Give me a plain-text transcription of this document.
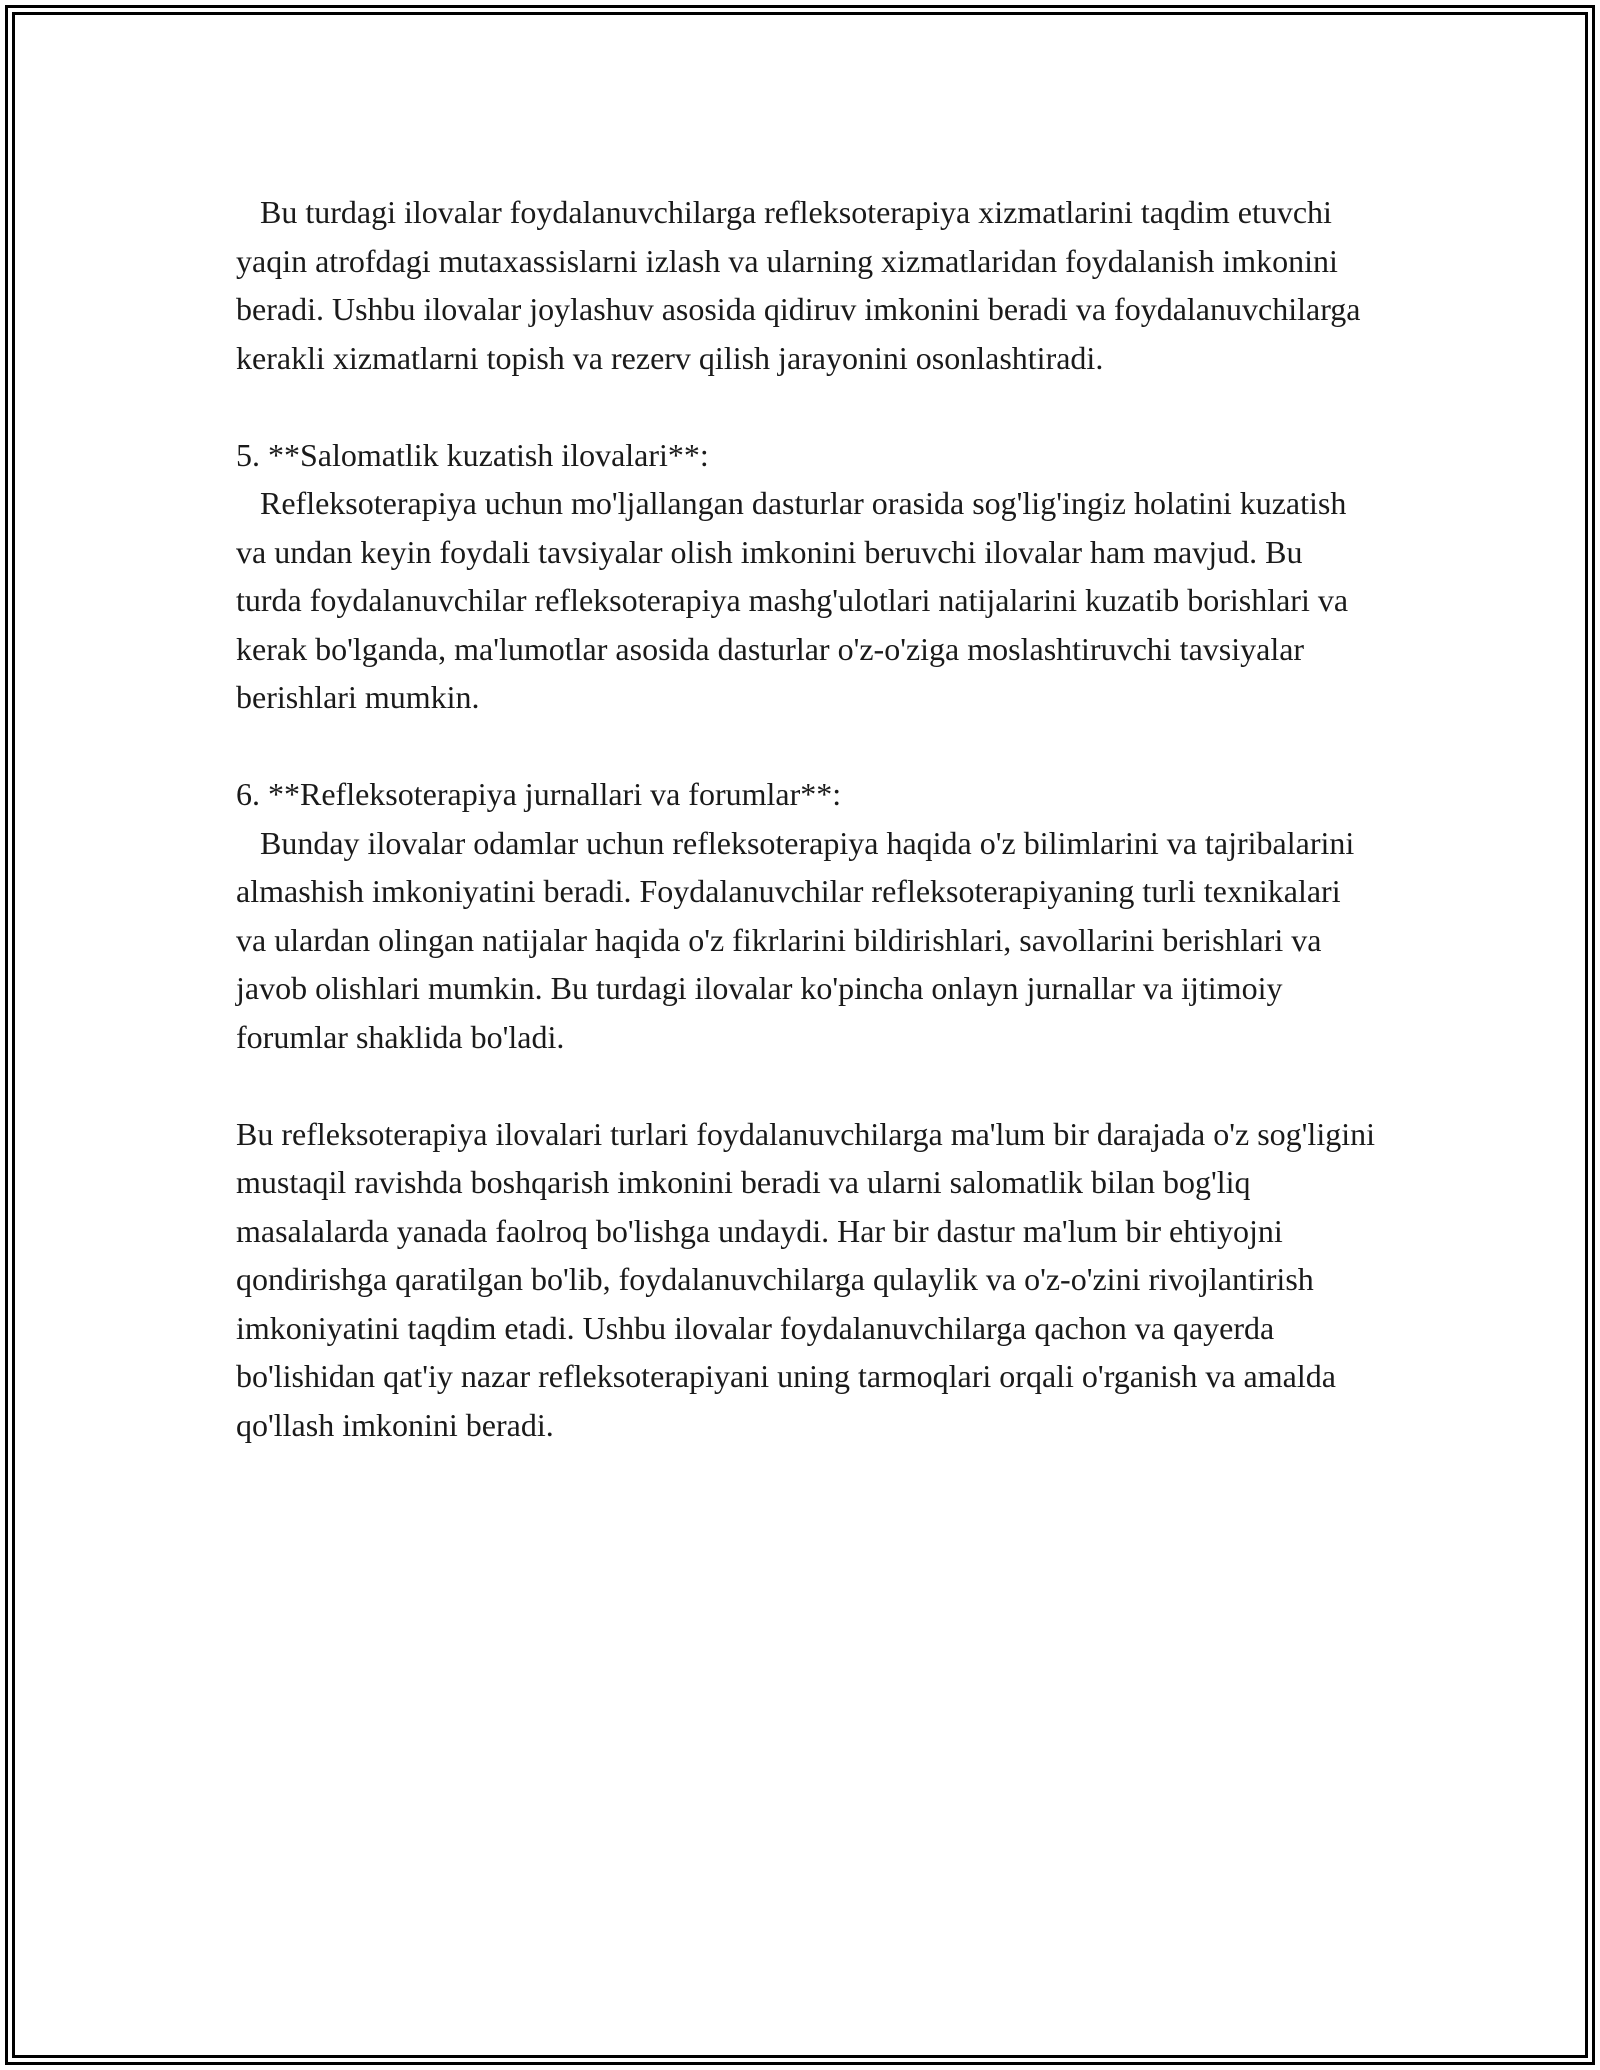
Bu turdagi ilovalar foydalanuvchilarga refleksoterapiya xizmatlarini taqdim etuvchi yaqin atrofdagi mutaxassislarni izlash va ularning xizmatlaridan foydalanish imkonini beradi. Ushbu ilovalar joylashuv asosida qidiruv imkonini beradi va foydalanuvchilarga kerakli xizmatlarni topish va rezerv qilish jarayonini osonlashtiradi.

5. **Salomatlik kuzatish ilovalari**:

Refleksoterapiya uchun mo'ljallangan dasturlar orasida sog'lig'ingiz holatini kuzatish va undan keyin foydali tavsiyalar olish imkonini beruvchi ilovalar ham mavjud. Bu turda foydalanuvchilar refleksoterapiya mashg'ulotlari natijalarini kuzatib borishlari va kerak bo'lganda, ma'lumotlar asosida dasturlar o'z-o'ziga moslashtiruvchi tavsiyalar berishlari mumkin.

6. **Refleksoterapiya jurnallari va forumlar**:

Bunday ilovalar odamlar uchun refleksoterapiya haqida o'z bilimlarini va tajribalarini almashish imkoniyatini beradi. Foydalanuvchilar refleksoterapiyaning turli texnikalari va ulardan olingan natijalar haqida o'z fikrlarini bildirishlari, savollarini berishlari va javob olishlari mumkin. Bu turdagi ilovalar ko'pincha onlayn jurnallar va ijtimoiy forumlar shaklida bo'ladi.

Bu refleksoterapiya ilovalari turlari foydalanuvchilarga ma'lum bir darajada o'z sog'ligini mustaqil ravishda boshqarish imkonini beradi va ularni salomatlik bilan bog'liq masalalarda yanada faolroq bo'lishga undaydi. Har bir dastur ma'lum bir ehtiyojni qondirishga qaratilgan bo'lib, foydalanuvchilarga qulaylik va o'z-o'zini rivojlantirish imkoniyatini taqdim etadi. Ushbu ilovalar foydalanuvchilarga qachon va qayerda bo'lishidan qat'iy nazar refleksoterapiyani uning tarmoqlari orqali o'rganish va amalda qo'llash imkonini beradi.
